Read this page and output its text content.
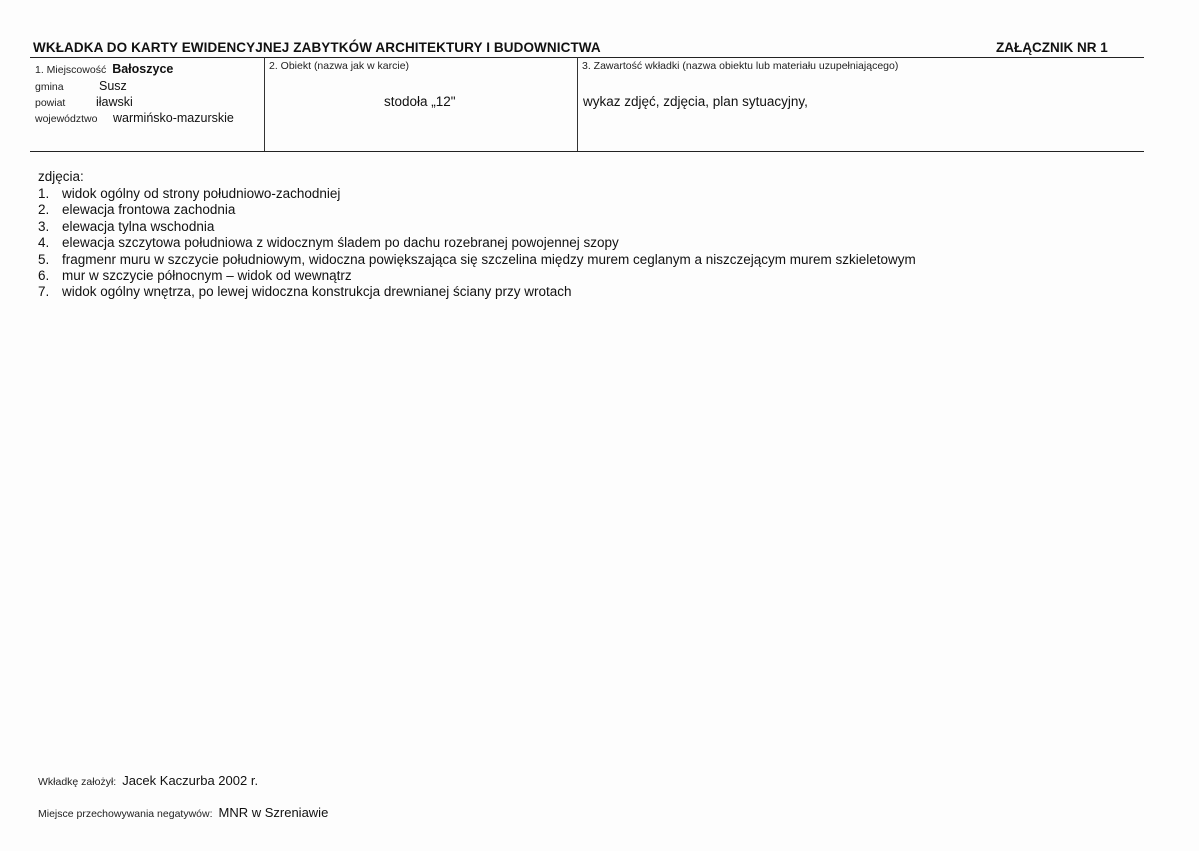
WKŁADKA DO KARTY EWIDENCYJNEJ ZABYTKÓW ARCHITEKTURY I BUDOWNICTWA	ZAŁĄCZNIK NR 1
1. Miejscowość Bałoszyce
gmina	Susz
powiat iławski
województwo warmińsko-mazurskie
2. Obiekt (nazwa jak w karcie)
stodoła „12"
3. Zawartość wkładki (nazwa obiektu lub materiału uzupełniającego)
wykaz zdjęć, zdjęcia, plan sytuacyjny,
zdjęcia:
1. widok ogólny od strony południowo-zachodniej
2. elewacja frontowa zachodnia
3. elewacja tylna wschodnia
4. elewacja szczytowa południowa z widocznym śladem po dachu rozebranej powojennej szopy
5. fragmenr muru w szczycie południowym, widoczna powiększająca się szczelina między murem ceglanym a niszczejącym murem szkieletowym
6. mur w szczycie północnym – widok od wewnątrz
7. widok ogólny wnętrza, po lewej widoczna konstrukcja drewnianej ściany przy wrotach
Wkładkę założył: Jacek Kaczurba 2002 r.
Miejsce przechowywania negatywów: MNR w Szreniawie
